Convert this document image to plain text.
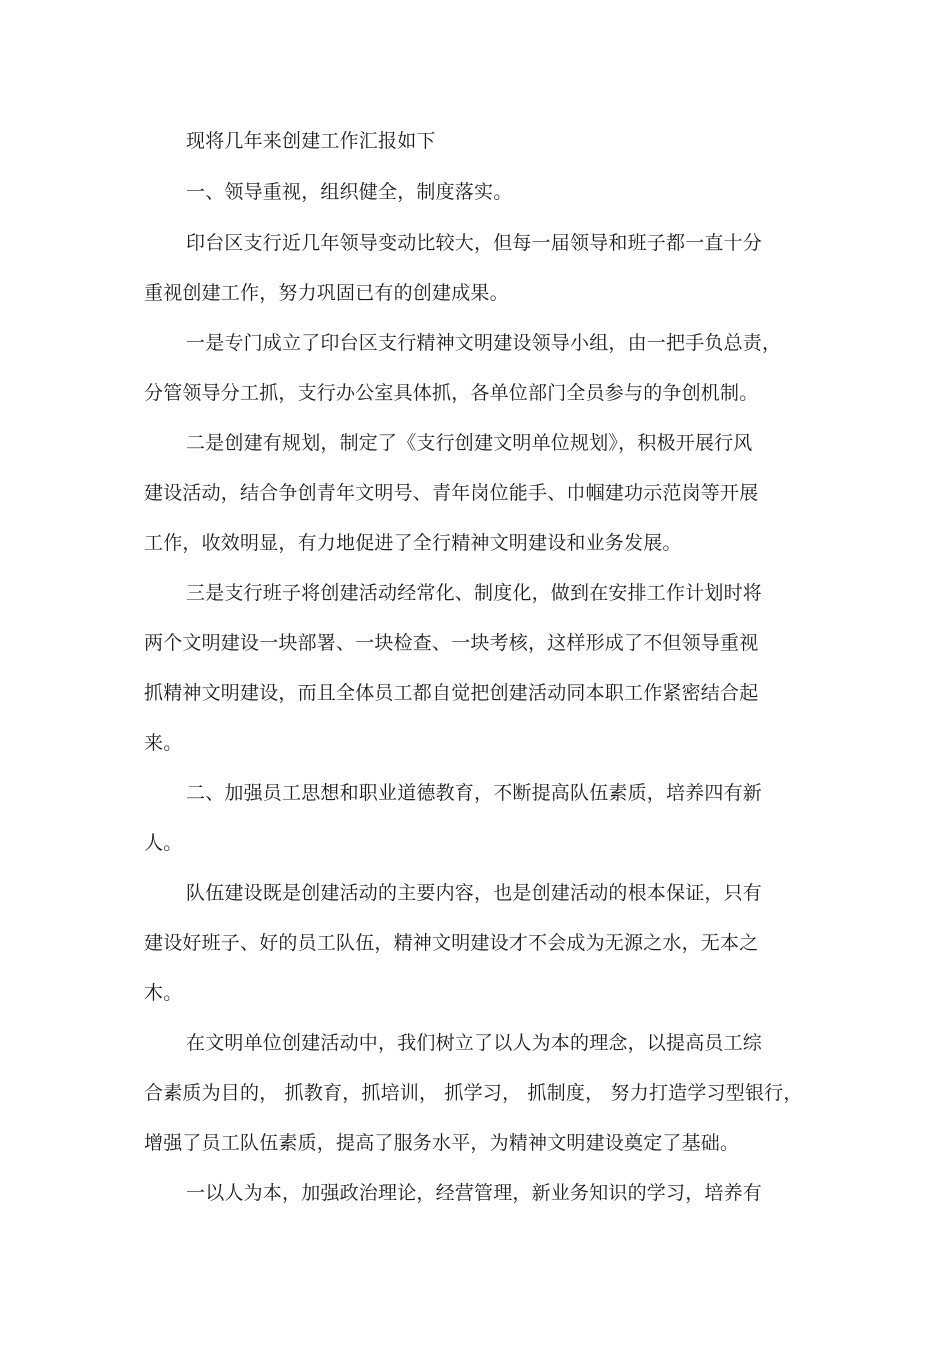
现将几年来创建工作汇报如下
一、领导重视，组织健全，制度落实。
印台区支行近几年领导变动比较大，但每一届领导和班子都一直十分
重视创建工作，努力巩固已有的创建成果。
一是专门成立了印台区支行精神文明建设领导小组，由一把手负总责，
分管领导分工抓，支行办公室具体抓，各单位部门全员参与的争创机制。
二是创建有规划，制定了《支行创建文明单位规划》，积极开展行风
建设活动，结合争创青年文明号、青年岗位能手、巾帼建功示范岗等开展
工作，收效明显，有力地促进了全行精神文明建设和业务发展。
三是支行班子将创建活动经常化、制度化，做到在安排工作计划时将
两个文明建设一块部署、一块检查、一块考核，这样形成了不但领导重视
抓精神文明建设，而且全体员工都自觉把创建活动同本职工作紧密结合起
来。
二、加强员工思想和职业道德教育，不断提高队伍素质，培养四有新
人。
队伍建设既是创建活动的主要内容，也是创建活动的根本保证，只有
建设好班子、好的员工队伍，精神文明建设才不会成为无源之水，无本之
木。
在文明单位创建活动中，我们树立了以人为本的理念，以提高员工综
合素质为目的， 抓教育，抓培训， 抓学习， 抓制度， 努力打造学习型银行，
增强了员工队伍素质，提高了服务水平，为精神文明建设奠定了基础。
一以人为本，加强政治理论，经营管理，新业务知识的学习，培养有
